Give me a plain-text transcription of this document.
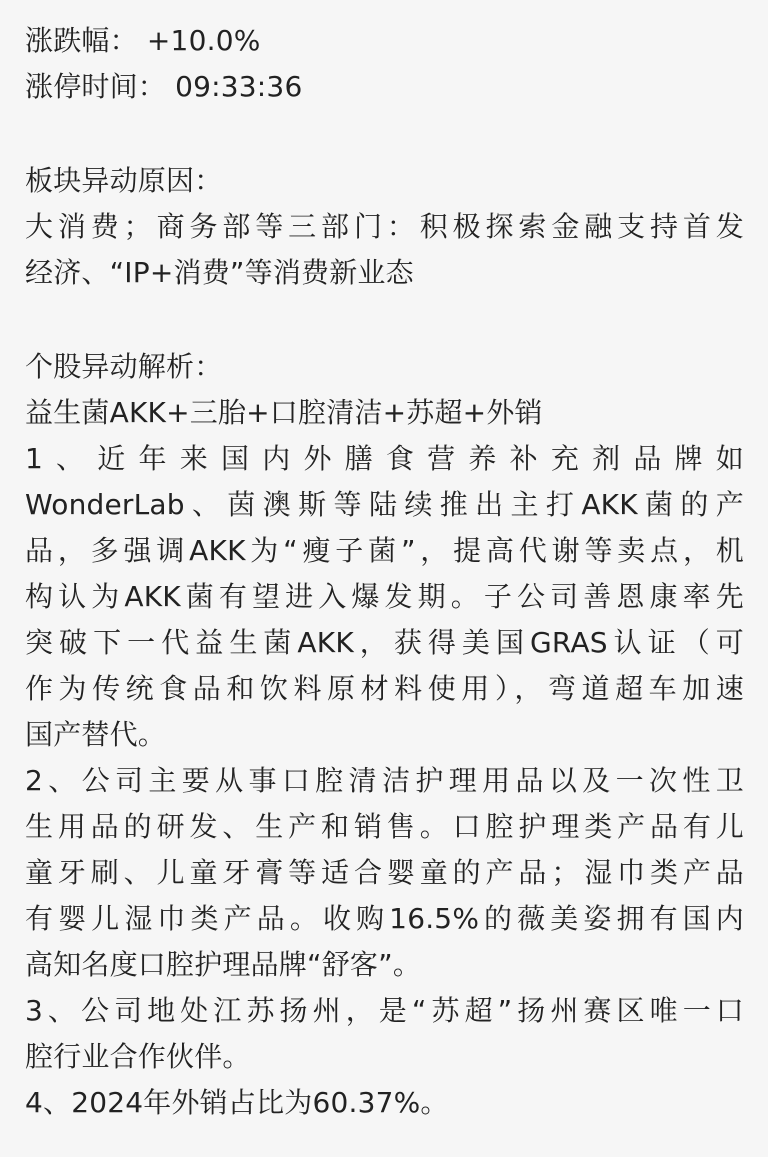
涨跌幅： +10.0%
涨停时间： 09:33:36
板块异动原因：
大消费；商务部等三部门：积极探索金融支持首发
经济、“IP+消费”等消费新业态
个股异动解析：
益生菌AKK+三胎+口腔清洁+苏超+外销
1、近年来国内外膳食营养补充剂品牌如
WonderLab、茵澳斯等陆续推出主打AKK菌的产
品，多强调AKK为“瘦子菌”，提高代谢等卖点，机
构认为AKK菌有望进入爆发期。子公司善恩康率先
突破下一代益生菌AKK，获得美国GRAS认证（可
作为传统食品和饮料原材料使用），弯道超车加速
国产替代。
2、公司主要从事口腔清洁护理用品以及一次性卫
生用品的研发、生产和销售。口腔护理类产品有儿
童牙刷、儿童牙膏等适合婴童的产品；湿巾类产品
有婴儿湿巾类产品。收购16.5%的薇美姿拥有国内
高知名度口腔护理品牌“舒客”。
3、公司地处江苏扬州，是“苏超”扬州赛区唯一口
腔行业合作伙伴。
4、2024年外销占比为60.37%。
